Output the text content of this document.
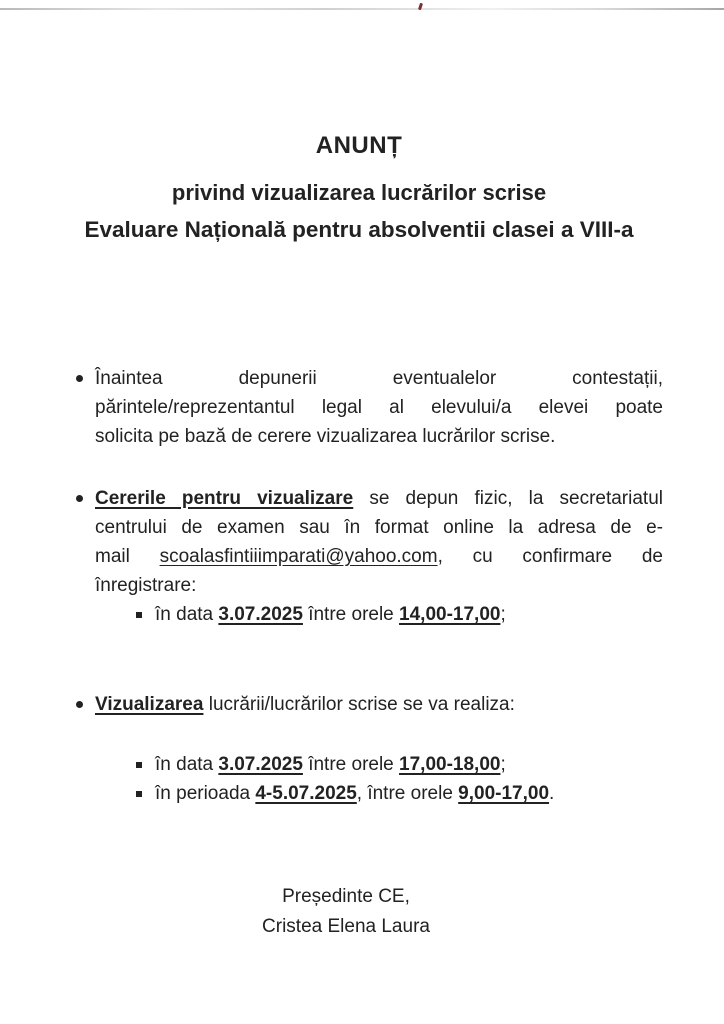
ANUNȚ
privind vizualizarea lucrărilor scrise
Evaluare Națională pentru absolventii clasei a VIII-a
Înaintea depunerii eventualelor contestații,
părintele/reprezentantul legal al elevului/a elevei poate
solicita pe bază de cerere vizualizarea lucrărilor scrise.
Cererile pentru vizualizare se depun fizic, la secretariatul
centrului de examen sau în format online la adresa de e-
mail scoalasfintiiimparati@yahoo.com, cu confirmare de
înregistrare:
în data 3.07.2025 între orele 14,00-17,00;
Vizualizarea lucrării/lucrărilor scrise se va realiza:
în data 3.07.2025 între orele 17,00-18,00;
în perioada 4-5.07.2025, între orele 9,00-17,00.
Președinte CE,
Cristea Elena Laura
